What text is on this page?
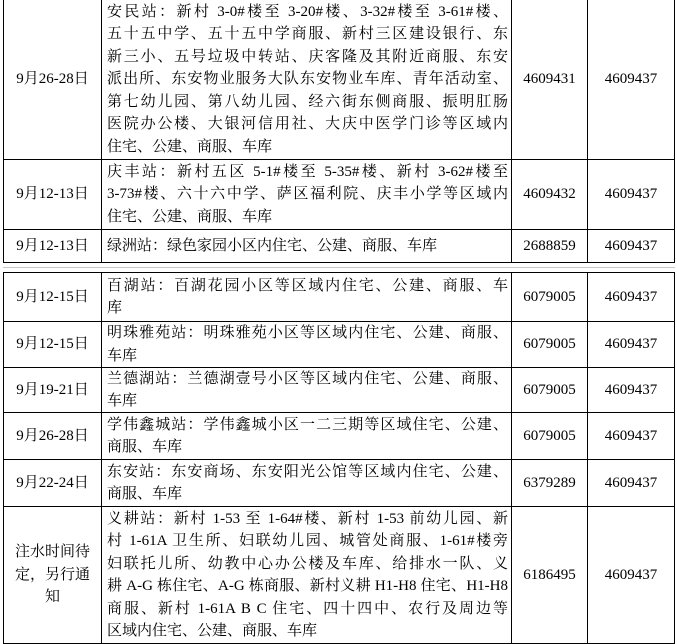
9月26-28日
安民站：新村 3-0#楼至 3-20#楼、3-32#楼至 3-61#楼、
五十五中学、五十五中学商服、新村三区建设银行、东
新三小、五号垃圾中转站、庆客隆及其附近商服、东安
派出所、东安物业服务大队东安物业车库、青年活动室、
第七幼儿园、第八幼儿园、经六街东侧商服、振明肛肠
医院办公楼、大银河信用社、大庆中医学门诊等区域内
住宅、公建、商服、车库
4609431 4609437
9月12-13日
庆丰站：新村五区 5-1#楼至 5-35#楼、新村 3-62#楼至
3-73#楼、六十六中学、萨区福利院、庆丰小学等区域内
住宅、公建、商服、车库
4609432 4609437
9月12-13日 绿洲站：绿色家园小区内住宅、公建、商服、车库	2688859 4609437
9月12-15日
百湖站：百湖花园小区等区域内住宅、公建、商服、车
库
6079005 4609437
9月12-15日
明珠雅苑站：明珠雅苑小区等区域内住宅、公建、商服、
车库
6079005 4609437
9月19-21日
兰德湖站：兰德湖壹号小区等区域内住宅、公建、商服、
车库
6079005 4609437
9月26-28日
学伟鑫城站：学伟鑫城小区一二三期等区域住宅、公建、
商服、车库
6079005 4609437
9月22-24日
东安站：东安商场、东安阳光公馆等区域内住宅、公建、
商服、车库
6379289 4609437
注水时间待
定，另行通
知
义耕站：新村 1-53 至 1-64#楼、新村 1-53 前幼儿园、新
村 1-61A 卫生所、妇联幼儿园、城管处商服、1-61#楼旁
妇联托儿所、幼教中心办公楼及车库、给排水一队、义
耕 A-G 栋住宅、A-G 栋商服、新村义耕 H1-H8 住宅、H1-H8
商服、新村 1-61A B C 住宅、四十四中、农行及周边等
区域内住宅、公建、商服、车库
6186495 4609437
